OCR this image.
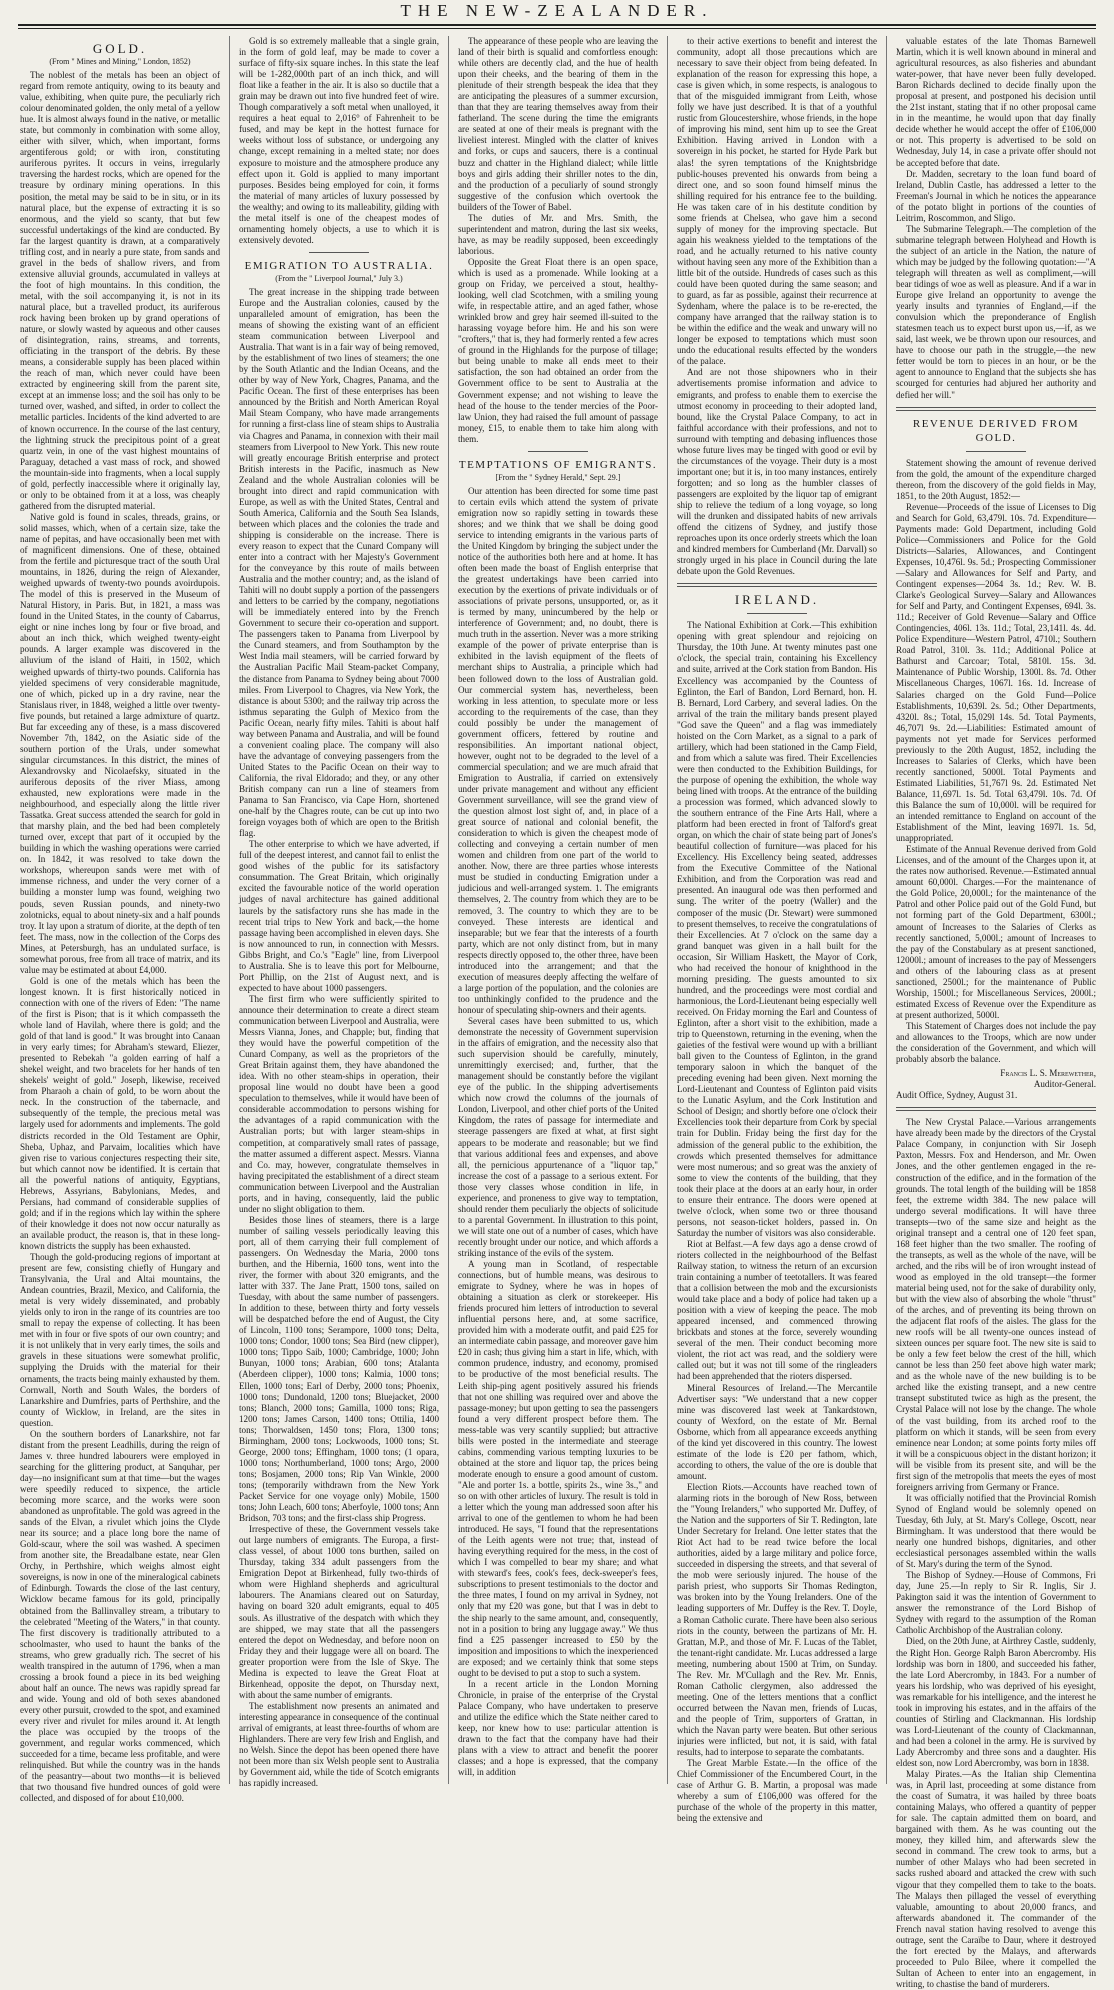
THE NEW-ZEALANDER.
GOLD.
(From " Mines and Mining," London, 1852)

The noblest of the metals has been an object of regard from remote antiquity, owing to its beauty and value, exhibiting, when quite pure, the peculiarly rich colour denominated golden, the only metal of a yellow hue. It is almost always found in the native, or metallic state, but commonly in combination with some alloy, either with silver, which, when important, forms argentiferous gold; or with iron, constituting auriferous pyrites. It occurs in veins, irregularly traversing the hardest rocks, which are opened for the treasure by ordinary mining operations. In this position, the metal may be said to be in situ, or in its natural place, but the expense of extracting it is so enormous, and the yield so scanty, that but few successful undertakings of the kind are conducted. By far the largest quantity is drawn, at a comparatively trifling cost, and in nearly a pure state, from sands and gravel in the beds of shallow rivers, and from extensive alluvial grounds, accumulated in valleys at the foot of high mountains. In this condition, the metal, with the soil accompanying it, is not in its natural place, but a travelled product, its auriferous rock having been broken up by grand operations of nature, or slowly wasted by aqueous and other causes of disintegration, rains, streams, and torrents, officiating in the transport of the debris. By these means, a considerable supply has been placed within the reach of man, which never could have been extracted by engineering skill from the parent site, except at an immense loss; and the soil has only to be turned over, washed, and sifted, in order to collect the metallic particles. Incidents of the kind adverted to are of known occurrence. In the course of the last century, the lightning struck the precipitous point of a great quartz vein, in one of the vast highest mountains of Paraguay, detached a vast mass of rock, and showed the mountain-side into fragments, when a local supply of gold, perfectly inaccessible where it originally lay, or only to be obtained from it at a loss, was cheaply gathered from the disrupted material.

Native gold is found in scales, threads, grains, or solid masses, which, when of a certain size, take the name of pepitas, and have occasionally been met with of magnificent dimensions. One of these, obtained from the fertile and picturesque tract of the south Ural mountains, in 1826, during the reign of Alexander, weighed upwards of twenty-two pounds avoirdupois. The model of this is preserved in the Museum of Natural History, in Paris. But, in 1821, a mass was found in the United States, in the county of Cabarrus, eight or nine inches long by four or five broad, and about an inch thick, which weighed twenty-eight pounds. A larger example was discovered in the alluvium of the island of Haiti, in 1502, which weighed upwards of thirty-two pounds. California has yielded specimens of very considerable magnitude, one of which, picked up in a dry ravine, near the Stanislaus river, in 1848, weighed a little over twenty-five pounds, but retained a large admixture of quartz. But far exceeding any of these, is a mass discovered November 7th, 1842, on the Asiatic side of the southern portion of the Urals, under somewhat singular circumstances. In this district, the mines of Alexandrovsky and Nicolaefsky, situated in the auriferous deposits of the river Miass, among exhausted, new explorations were made in the neighbourhood, and especially along the little river Tassatka. Great success attended the search for gold in that marshy plain, and the bed had been completely turned over, except that part of it occupied by the building in which the washing operations were carried on. In 1842, it was resolved to take down the workshops, whereupon sands were met with of immense richness, and under the very corner of a building a monster lump was found, weighing two pouds, seven Russian pounds, and ninety-two zolotnicks, equal to about ninety-six and a half pounds troy. It lay upon a stratum of diorite, at the depth of ten feet. The mass, now in the collection of the Corps des Mines, at Petersburgh, has an undulated surface, is somewhat porous, free from all trace of matrix, and its value may be estimated at about £4,000.

Gold is one of the metals which has been the longest known. It is first historically noticed in connection with one of the rivers of Eden: "The name of the first is Pison; that is it which compasseth the whole land of Havilah, where there is gold; and the gold of that land is good." It was brought into Canaan in very early times; for Abraham's steward, Eliezer, presented to Rebekah "a golden earring of half a shekel weight, and two bracelets for her hands of ten shekels' weight of gold." Joseph, likewise, received from Pharaoh a chain of gold, to be worn about the neck. In the construction of the tabernacle, and subsequently of the temple, the precious metal was largely used for adornments and implements. The gold districts recorded in the Old Testament are Ophir, Sheba, Uphaz, and Parvaim, localities which have given rise to various conjectures respecting their site, but which cannot now be identified. It is certain that all the powerful nations of antiquity, Egyptians, Hebrews, Assyrians, Babylonians, Medes, and Persians, had command of considerable supplies of gold; and if in the regions which lay within the sphere of their knowledge it does not now occur naturally as an available product, the reason is, that in these long-known districts the supply has been exhausted.

Though the gold-producing regions of important at present are few, consisting chiefly of Hungary and Transylvania, the Ural and Altai mountains, the Andean countries, Brazil, Mexico, and California, the metal is very widely disseminated, and probably yields only to iron in the range of its countries are too small to repay the expense of collecting. It has been met with in four or five spots of our own country; and it is not unlikely that in very early times, the soils and gravels in these situations were somewhat prolific, supplying the Druids with the material for their ornaments, the tracts being mainly exhausted by them. Cornwall, North and South Wales, the borders of Lanarkshire and Dumfries, parts of Perthshire, and the county of Wicklow, in Ireland, are the sites in question.

On the southern borders of Lanarkshire, not far distant from the present Leadhills, during the reign of James v. three hundred labourers were employed in searching for the glittering product, at Sanquhar, per day—no insignificant sum at that time—but the wages were speedily reduced to sixpence, the article becoming more scarce, and the works were soon abandoned as unprofitable. The gold was agreed in the sands of the Elvan, a rivulet which joins the Clyde near its source; and a place long bore the name of Gold-scaur, where the soil was washed. A specimen from another site, the Breadalbane estate, near Glen Orchy, in Perthshire, which weighs almost eight sovereigns, is now in one of the mineralogical cabinets of Edinburgh. Towards the close of the last century, Wicklow became famous for its gold, principally obtained from the Ballinvalley stream, a tributary to the celebrated "Meeting of the Waters," in that county. The first discovery is traditionally attributed to a schoolmaster, who used to haunt the banks of the streams, who grew gradually rich. The secret of his wealth transpired in the autumn of 1796, when a man crossing a brook found a piece in its bed weighing about half an ounce. The news was rapidly spread far and wide. Young and old of both sexes abandoned every other pursuit, crowded to the spot, and examined every river and rivulet for miles around it. At length the place was occupied by the troops of the government, and regular works commenced, which succeeded for a time, became less profitable, and were relinquished. But while the country was in the hands of the peasantry—about two months—it is believed that two thousand five hundred ounces of gold were collected, and disposed of for about £10,000.

Gold is so extremely malleable that a single grain, in the form of gold leaf, may be made to cover a surface of fifty-six square inches. In this state the leaf will be 1-282,000th part of an inch thick, and will float like a feather in the air. It is also so ductile that a grain may be drawn out into five hundred feet of wire. Though comparatively a soft metal when unalloyed, it requires a heat equal to 2,016° of Fahrenheit to be fused, and may be kept in the hottest furnace for weeks without loss of substance, or undergoing any change, except remaining in a melted state; nor does exposure to moisture and the atmosphere produce any effect upon it. Gold is applied to many important purposes. Besides being employed for coin, it forms the material of many articles of luxury possessed by the wealthy; and owing to its malleability, gilding with the metal itself is one of the cheapest modes of ornamenting homely objects, a use to which it is extensively devoted.

EMIGRATION TO AUSTRALIA.
(From the " Liverpool Journal," July 3.)

The great increase in the shipping trade between Europe and the Australian colonies, caused by the unparalleled amount of emigration, has been the means of showing the existing want of an efficient steam communication between Liverpool and Australia. That want is in a fair way of being removed, by the establishment of two lines of steamers; the one by the South Atlantic and the Indian Oceans, and the other by way of New York, Chagres, Panama, and the Pacific Ocean. The first of these enterprises has been announced by the British and North American Royal Mail Steam Company, who have made arrangements for running a first-class line of steam ships to Australia via Chagres and Panama, in connexion with their mail steamers from Liverpool to New York. This new route will greatly encourage British enterprise and protect British interests in the Pacific, inasmuch as New Zealand and the whole Australian colonies will be brought into direct and rapid communication with Europe, as well as with the United States, Central and South America, California and the South Sea Islands, between which places and the colonies the trade and shipping is considerable on the increase. There is every reason to expect that the Cunard Company will enter into a contract with her Majesty's Government for the conveyance by this route of mails between Australia and the mother country; and, as the island of Tahiti will no doubt supply a portion of the passengers and letters to be carried by the company, negotiations will be immediately entered into by the French Government to secure their co-operation and support. The passengers taken to Panama from Liverpool by the Cunard steamers, and from Southampton by the West India mail steamers, will be carried forward by the Australian Pacific Mail Steam-packet Company, the distance from Panama to Sydney being about 7000 miles. From Liverpool to Chagres, via New York, the distance is about 5300; and the railway trip across the isthmus separating the Gulph of Mexico from the Pacific Ocean, nearly fifty miles. Tahiti is about half way between Panama and Australia, and will be found a convenient coaling place. The company will also have the advantage of conveying passengers from the United States to the Pacific Ocean on their way to California, the rival Eldorado; and they, or any other British company can run a line of steamers from Panama to San Francisco, via Cape Horn, shortened one-half by the Chagres route, can be cut up into two foreign voyages both of which are open to the British flag.

The other enterprise to which we have adverted, if full of the deepest interest, and cannot fail to enlist the good wishes of the public for its satisfactory consummation. The Great Britain, which originally excited the favourable notice of the world operation judges of naval architecture has gained additional laurels by the satisfactory runs she has made in the recent trial trips to New York and back,—the home passage having been accomplished in eleven days. She is now announced to run, in connection with Messrs. Gibbs Bright, and Co.'s "Eagle" line, from Liverpool to Australia. She is to leave this port for Melbourne, Port Phillip, on the 21st of August next, and is expected to have about 1000 passengers.

The first firm who were sufficiently spirited to announce their determination to create a direct steam communication between Liverpool and Australia, were Messrs Vianna, Jones, and Chapple; but, finding that they would have the powerful competition of the Cunard Company, as well as the proprietors of the Great Britain against them, they have abandoned the idea. With no other steam-ships in operation, their proposal line would no doubt have been a good speculation to themselves, while it would have been of considerable accommodation to persons wishing for the advantages of a rapid communication with the Australian ports; but with larger steam-ships in competition, at comparatively small rates of passage, the matter assumed a different aspect. Messrs. Vianna and Co. may, however, congratulate themselves in having precipitated the establishment of a direct steam communication between Liverpool and the Australian ports, and in having, consequently, laid the public under no slight obligation to them.

Besides those lines of steamers, there is a large number of sailing vessels periodically leaving this port, all of them carrying their full complement of passengers. On Wednesday the Maria, 2000 tons burthen, and the Hibernia, 1600 tons, went into the river, the former with about 320 emigrants, and the latter with 337. The Jane Pratt, 1500 tons, sailed on Tuesday, with about the same number of passengers. In addition to these, between thirty and forty vessels will be despatched before the end of August, the City of Lincoln, 1100 tons; Serampore, 1000 tons; Delta, 1000 tons; Condor, 1000 tons; Sea Bird (new clipper), 1000 tons; Tippo Saib, 1000; Cambridge, 1000; John Bunyan, 1000 tons; Arabian, 600 tons; Atalanta (Aberdeen clipper), 1000 tons; Kalmia, 1000 tons; Ellen, 1000 tons; Earl of Derby, 2000 tons; Phoenix, 1000 tons; Dundonald, 1200 tons; Bluejacket, 2000 tons; Blanch, 2000 tons; Gamilla, 1000 tons; Riga, 1200 tons; James Carson, 1400 tons; Ottilia, 1400 tons; Thorwaldsen, 1450 tons; Flora, 1300 tons; Birmingham, 2000 tons; Lockwoods, 1000 tons; St. George, 2000 tons; Effingham, 1000 tons; (1 opara, 1000 tons; Northumberland, 1000 tons; Argo, 2000 tons; Bosjamen, 2000 tons; Rip Van Winkle, 2000 tons; (temporarily withdrawn from the New York Packet Service for one voyage only) Mobile, 1500 tons; John Leach, 600 tons; Aberfoyle, 1000 tons; Ann Bridson, 703 tons; and the first-class ship Progress.

Irrespective of these, the Government vessels take out large numbers of emigrants. The Europa, a first-class vessel, of about 1000 tons burthen, sailed on Thursday, taking 334 adult passengers from the Emigration Depot at Birkenhead, fully two-thirds of whom were Highland shepherds and agricultural labourers. The Anamians cleared out on Saturday, having on board 320 adult emigrants, equal to 405 souls. As illustrative of the despatch with which they are shipped, we may state that all the passengers entered the depot on Wednesday, and before noon on Friday they and their luggage were all on board. The greater proportion were from the Isle of Skye. The Medina is expected to leave the Great Float at Birkenhead, opposite the depot, on Thursday next, with about the same number of emigrants.

The establishment now presents an animated and interesting appearance in consequence of the continual arrival of emigrants, at least three-fourths of whom are Highlanders. There are very few Irish and English, and no Welsh. Since the depot has been opened there have not been more than six Welsh people sent to Australia by Government aid, while the tide of Scotch emigrants has rapidly increased.

The appearance of these people who are leaving the land of their birth is squalid and comfortless enough: while others are decently clad, and the hue of health upon their cheeks, and the bearing of them in the plenitude of their strength bespeak the idea that they are anticipating the pleasures of a summer excursion, than that they are tearing themselves away from their fatherland. The scene during the time the emigrants are seated at one of their meals is pregnant with the liveliest interest. Mingled with the clatter of knives and forks, or cups and saucers, there is a continual buzz and chatter in the Highland dialect; while little boys and girls adding their shriller notes to the din, and the production of a peculiarly of sound strongly suggestive of the confusion which overtook the builders of the Tower of Babel.

The duties of Mr. and Mrs. Smith, the superintendent and matron, during the last six weeks, have, as may be readily supposed, been exceedingly laborious.

Opposite the Great Float there is an open space, which is used as a promenade. While looking at a group on Friday, we perceived a stout, healthy-looking, well clad Scotchmen, with a smiling young wife, in respectable attire, and an aged father, whose wrinkled brow and grey hair seemed ill-suited to the harassing voyage before him. He and his son were "crofters," that is, they had formerly rented a few acres of ground in the Highlands for the purpose of tillage; but being unable to make all ends meet to their satisfaction, the son had obtained an order from the Government office to be sent to Australia at the Government expense; and not wishing to leave the head of the house to the tender mercies of the Poor-law Union, they had raised the full amount of passage money, £15, to enable them to take him along with them.

TEMPTATIONS OF EMIGRANTS.
[From the " Sydney Herald," Sept. 29.]

Our attention has been directed for some time past to certain evils which attend the system of private emigration now so rapidly setting in towards these shores; and we think that we shall be doing good service to intending emigrants in the various parts of the United Kingdom by bringing the subject under the notice of the authorities both here and at home. It has often been made the boast of English enterprise that the greatest undertakings have been carried into execution by the exertions of private individuals or of associations of private persons, unsupported, or, as it is termed by many, unincumbered by the help or interference of Government; and, no doubt, there is much truth in the assertion. Never was a more striking example of the power of private enterprise than is exhibited in the lavish equipment of the fleets of merchant ships to Australia, a principle which had been followed down to the loss of Australian gold. Our commercial system has, nevertheless, been working in less attention, to speculate more or less according to the requirements of the case, than they could possibly be under the management of government officers, fettered by routine and responsibilities. An important national object, however, ought not to be degraded to the level of a commercial speculation; and we are much afraid that Emigration to Australia, if carried on extensively under private management and without any efficient Government surveillance, will see the grand view of the question almost lost sight of, and, in place of a great source of national and colonial benefit, the consideration to which is given the cheapest mode of collecting and conveying a certain number of men women and children from one part of the world to another. Now, there are three parties whose interests must be studied in conducting Emigration under a judicious and well-arranged system. 1. The emigrants themselves, 2. The country from which they are to be removed, 3. The country to which they are to be conveyed. These interests are identical and inseparable; but we fear that the interests of a fourth party, which are not only distinct from, but in many respects directly opposed to, the other three, have been introduced into the arrangement; and that the execution of measures deeply affecting the welfare of a large portion of the population, and the colonies are too unthinkingly confided to the prudence and the honour of speculating ship-owners and their agents.

Several cases have been submitted to us, which demonstrate the necessity of Government supervision in the affairs of emigration, and the necessity also that such supervision should be carefully, minutely, unremittingly exercised; and, further, that the management should be constantly before the vigilant eye of the public. In the shipping advertisements which now crowd the columns of the journals of London, Liverpool, and other chief ports of the United Kingdom, the rates of passage for intermediate and steerage passengers are fixed at what, at first sight appears to be moderate and reasonable; but we find that various additional fees and expenses, and above all, the pernicious appurtenance of a "liquor tap," increase the cost of a passage to a serious extent. For those very classes whose condition in life, in experience, and proneness to give way to temptation, should render them peculiarly the objects of solicitude to a parental Government. In illustration to this point, we will state one out of a number of cases, which have recently brought under our notice, and which affords a striking instance of the evils of the system.

A young man in Scotland, of respectable connections, but of humble means, was desirous to emigrate to Sydney, where he was in hopes of obtaining a situation as clerk or storekeeper. His friends procured him letters of introduction to several influential persons here, and, at some sacrifice, provided him with a moderate outfit, and paid £25 for an intermediate cabin passage, and moreover gave him £20 in cash; thus giving him a start in life, which, with common prudence, industry, and economy, promised to be productive of the most beneficial results. The Leith ship-ping agent positively assured his friends that not one shilling was required over and above the passage-money; but upon getting to sea the passengers found a very different prospect before them. The mess-table was very scantily supplied; but attractive bills were posted in the intermediate and steerage cabins, commending various tempting luxuries to be obtained at the store and liquor tap, the prices being moderate enough to ensure a good amount of custom. "Ale and porter 1s. a bottle, spirits 2s., wine 3s.," and so on with other articles of luxury. The result is told in a letter which the young man addressed soon after his arrival to one of the gentlemen to whom he had been introduced. He says, "I found that the representations of the Leith agents were not true; that, instead of having everything required for the mess, in the cost of which I was compelled to bear my share; and what with steward's fees, cook's fees, deck-sweeper's fees, subscriptions to present testimonials to the doctor and the three mates, I found on my arrival in Sydney, not only that my £20 was gone, but that I was in debt to the ship nearly to the same amount, and, consequently, not in a position to bring any luggage away." We thus find a £25 passenger increased to £50 by the imposition and impositions to which the inexperienced are exposed; and we certainly think that some steps ought to be devised to put a stop to such a system.

In a recent article in the London Morning Chronicle, in praise of the enterprise of the Crystal Palace Company, who have undertaken to preserve and utilize the edifice which the State neither cared to keep, nor knew how to use: particular attention is drawn to the fact that the company have had their plans with a view to attract and benefit the poorer classes; and a hope is expressed, that the company will, in addition

to their active exertions to benefit and interest the community, adopt all those precautions which are necessary to save their object from being defeated. In explanation of the reason for expressing this hope, a case is given which, in some respects, is analogous to that of the misguided immigrant from Leith, whose folly we have just described. It is that of a youthful rustic from Gloucestershire, whose friends, in the hope of improving his mind, sent him up to see the Great Exhibition. Having arrived in London with a sovereign in his pocket, he started for Hyde Park but alas! the syren temptations of the Knightsbridge public-houses prevented his onwards from being a direct one, and so soon found himself minus the shilling required for his entrance fee to the building. He was taken care of in his destitute condition by some friends at Chelsea, who gave him a second supply of money for the improving spectacle. But again his weakness yielded to the temptations of the road, and he actually returned to his native county without having seen any more of the Exhibition than a little bit of the outside. Hundreds of cases such as this could have been quoted during the same season; and to guard, as far as possible, against their recurrence at Sydenham, where the palace is to be re-erected, the company have arranged that the railway station is to be within the edifice and the weak and unwary will no longer be exposed to temptations which must soon undo the educational results effected by the wonders of the palace.

And are not those shipowners who in their advertisements promise information and advice to emigrants, and profess to enable them to exercise the utmost economy in proceeding to their adopted land, bound, like the Crystal Palace Company, to act in faithful accordance with their professions, and not to surround with tempting and debasing influences those whose future lives may be tinged with good or evil by the circumstances of the voyage. Their duty is a most important one; but it is, in too many instances, entirely forgotten; and so long as the humbler classes of passengers are exploited by the liquor tap of emigrant ship to relieve the tedium of a long voyage, so long will the drunken and dissipated habits of new arrivals offend the citizens of Sydney, and justify those reproaches upon its once orderly streets which the loan and kindred members for Cumberland (Mr. Darvall) so strongly urged in his place in Council during the late debate upon the Gold Revenues.

IRELAND.

The National Exhibition at Cork.—This exhibition opening with great splendour and rejoicing on Thursday, the 10th June. At twenty minutes past one o'clock, the special train, containing his Excellency and suite, arrived at the Cork station from Bandon. His Excellency was accompanied by the Countess of Eglinton, the Earl of Bandon, Lord Bernard, hon. H. B. Bernard, Lord Carbery, and several ladies. On the arrival of the train the military bands present played "God save the Queen" and a flag was immediately hoisted on the Corn Market, as a signal to a park of artillery, which had been stationed in the Camp Field, and from which a salute was fired. Their Excellencies were then conducted to the Exhibition Buildings, for the purpose of opening the exhibition, the whole way being lined with troops. At the entrance of the building a procession was formed, which advanced slowly to the southern entrance of the Fine Arts Hall, where a platform had been erected in front of Talford's great organ, on which the chair of state being part of Jones's beautiful collection of furniture—was placed for his Excellency. His Excellency being seated, addresses from the Executive Committee of the National Exhibition, and from the Corporation was read and presented. An inaugural ode was then performed and sung. The writer of the poetry (Waller) and the composer of the music (Dr. Stewart) were summoned to present themselves, to receive the congratulations of their Excellencies. At 7 o'clock on the same day a grand banquet was given in a hall built for the occasion, Sir William Haskett, the Mayor of Cork, who had received the honour of knighthood in the morning presiding. The guests amounted to six hundred, and the proceedings were most cordial and harmonious, the Lord-Lieutenant being especially well received. On Friday morning the Earl and Countess of Eglinton, after a short visit to the exhibition, made a trip to Queenstown, returning in the evening, when the gaieties of the festival were wound up with a brilliant ball given to the Countess of Eglinton, in the grand temporary saloon in which the banquet of the preceding evening had been given. Next morning the Lord-Lieutenant and Countess of Eglinton paid visits to the Lunatic Asylum, and the Cork Institution and School of Design; and shortly before one o'clock their Excellencies took their departure from Cork by special train for Dublin. Friday being the first day for the admission of the general public to the exhibition, the crowds which presented themselves for admittance were most numerous; and so great was the anxiety of some to view the contents of the building, that they took their place at the doors at an early hour, in order to ensure their entrance. The doors were opened at twelve o'clock, when some two or three thousand persons, not season-ticket holders, passed in. On Saturday the number of visitors was also considerable.

Riot at Belfast.—A few days ago a dense crowd of rioters collected in the neighbourhood of the Belfast Railway station, to witness the return of an excursion train containing a number of teetotallers. It was feared that a collision between the mob and the excursionists would take place and a body of police had taken up a position with a view of keeping the peace. The mob appeared incensed, and commenced throwing brickbats and stones at the force, severely wounding several of the men. Their conduct becoming more violent, the riot act was read, and the soldiery were called out; but it was not till some of the ringleaders had been apprehended that the rioters dispersed.

Mineral Resources of Ireland.—The Mercantile Advertiser says: "We understand that a new copper mine was discovered last week at Tankardstown, county of Wexford, on the estate of Mr. Bernal Osborne, which from all appearance exceeds anything of the kind yet discovered in this country. The lowest estimate of the lode is £20 per fathom, which, according to others, the value of the ore is double that amount.

Election Riots.—Accounts have reached town of alarming riots in the borough of New Ross, between the "Young Irelanders," who supported Mr. Duffey, of the Nation and the supporters of Sir T. Redington, late Under Secretary for Ireland. One letter states that the Riot Act had to be read twice before the local authorities, aided by a large military and police force, succeeded in dispersing the streets, and that several of the mob were seriously injured. The house of the parish priest, who supports Sir Thomas Redington, was broken into by the Young Irelanders. One of the leading supporters of Mr. Duffey is the Rev. T. Doyle, a Roman Catholic curate. There have been also serious riots in the county, between the partizans of Mr. H. Grattan, M.P., and those of Mr. F. Lucas of the Tablet, the tenant-right candidate. Mr. Lucas addressed a large meeting, numbering about 1500 at Trim, on Sunday. The Rev. Mr. M'Cullagh and the Rev. Mr. Ennis, Roman Catholic clergymen, also addressed the meeting. One of the letters mentions that a conflict occurred between the Navan men, friends of Lucas, and the people of Trim, supporters of Grattan, in which the Navan party were beaten. But other serious injuries were inflicted, but not, it is said, with fatal results, had to interpose to separate the combatants.

The Great Marble Estate.—In the office of the Chief Commissioner of the Encumbered Court, in the case of Arthur G. B. Martin, a proposal was made whereby a sum of £106,000 was offered for the purchase of the whole of the property in this matter, being the extensive and

valuable estates of the late Thomas Barnewell Martin, which it is well known abound in mineral and agricultural resources, as also fisheries and abundant water-power, that have never been fully developed. Baron Richards declined to decide finally upon the proposal at present, and postponed his decision until the 21st instant, stating that if no other proposal came in in the meantime, he would upon that day finally decide whether he would accept the offer of £106,000 or not. This property is advertised to be sold on Wednesday, July 14, in case a private offer should not be accepted before that date.

Dr. Madden, secretary to the loan fund board of Ireland, Dublin Castle, has addressed a letter to the Freeman's Journal in which he notices the appearance of the potato blight in portions of the counties of Leitrim, Roscommon, and Sligo.

The Submarine Telegraph.—The completion of the submarine telegraph between Holyhead and Howth is the subject of an article in the Nation, the nature of which may be judged by the following quotation:—"A telegraph will threaten as well as compliment,—will bear tidings of woe as well as pleasure. And if a war in Europe give Ireland an opportunity to avenge the yearly insults and tyrannies of England,—if the convulsion which the preponderance of English statesmen teach us to expect burst upon us,—if, as we said, last week, we be thrown upon our resources, and have to choose our path in the struggle,—the new fetter would be torn to pieces in an hour, or be the agent to announce to England that the subjects she has scourged for centuries had abjured her authority and defied her will."

REVENUE DERIVED FROM GOLD.

Statement showing the amount of revenue derived from the gold, the amount of the expenditure charged thereon, from the discovery of the gold fields in May, 1851, to the 20th August, 1852:—

Revenue—Proceeds of the issue of Licenses to Dig and Search for Gold, 63,479l. 10s. 7d. Expenditure—Payments made: Gold Department, including Gold Police—Commissioners and Police for the Gold Districts—Salaries, Allowances, and Contingent Expenses, 10,476l. 9s. 5d.; Prospecting Commissioner—Salary and Allowances for Self and Party, and Contingent expenses—2064 3s. 1d.; Rev. W. B. Clarke's Geological Survey—Salary and Allowances for Self and Party, and Contingent Expenses, 694l. 3s. 11d.; Receiver of Gold Revenue—Salary and Office Contingencies, 406l. 13s. 11d.; Total, 23,141l. 4s. 4d. Police Expenditure—Western Patrol, 4710l.; Southern Road Patrol, 310l. 3s. 11d.; Additional Police at Bathurst and Carcoar; Total, 5810l. 15s. 3d. Maintenance of Public Worship, 1300l. 8s. 7d. Other Miscellaneous Charges, 1067l. 16s. 1d. Increase of Salaries charged on the Gold Fund—Police Establishments, 10,639l. 2s. 5d.; Other Departments, 4320l. 8s.; Total, 15,029l 14s. 5d. Total Payments, 46,707l 9s. 2d.—Liabilities: Estimated amount of payments not yet made for Services performed previously to the 20th August, 1852, including the Increases to Salaries of Clerks, which have been recently sanctioned, 5000l. Total Payments and Estimated Liabilities, 51,767l 9s. 2d. Estimated Net Balance, 11,697l. 1s. 5d. Total 63,479l. 10s. 7d. Of this Balance the sum of 10,000l. will be required for an intended remittance to England on account of the Establishment of the Mint, leaving 1697l. 1s. 5d, unappropriated.

Estimate of the Annual Revenue derived from Gold Licenses, and of the amount of the Charges upon it, at the rates now authorised. Revenue.—Estimated annual amount 60,000l. Charges.—For the maintenance of the Gold Police, 20,000l.; for the maintenance of the Patrol and other Police paid out of the Gold Fund, but not forming part of the Gold Department, 6300l.; amount of Increases to the Salaries of Clerks as recently sanctioned, 5,000l.; amount of Increases to the pay of the Constabulary as at present sanctioned, 12000l.; amount of increases to the pay of Messengers and others of the labouring class as at present sanctioned, 2500l.; for the maintenance of Public Worship, 1500l.; for Miscellaneous Services, 2000l.; estimated Excess of Revenue over the Expenditure as at present authorized, 5000l.

This Statement of Charges does not include the pay and allowances to the Troops, which are now under the consideration of the Government, and which will probably absorb the balance.

Francis L. S. Merewether,
Auditor-General.

Audit Office, Sydney, August 31.

The New Crystal Palace.—Various arrangements have already been made by the directors of the Crystal Palace Company, in conjunction with Sir Joseph Paxton, Messrs. Fox and Henderson, and Mr. Owen Jones, and the other gentlemen engaged in the re-construction of the edifice, and in the formation of the grounds. The total length of the building will be 1858 feet, the extreme width 384. The new palace will undergo several modifications. It will have three transepts—two of the same size and height as the original transept and a central one of 120 feet span, 168 feet higher than the two smaller. The roofing of the transepts, as well as the whole of the nave, will be arched, and the ribs will be of iron wrought instead of wood as employed in the old transept—the former material being used, not for the sake of durability only, but with the view also of absorbing the whole "thrust" of the arches, and of preventing its being thrown on the adjacent flat roofs of the aisles. The glass for the new roofs will be all twenty-one ounces instead of sixteen ounces per square foot. The new site is said to be only a few feet below the crest of the hill, which cannot be less than 250 feet above high water mark; and as the whole nave of the new building is to be arched like the existing transept, and a new centre transept substituted twice as high as the present, the Crystal Palace will not lose by the change. The whole of the vast building, from its arched roof to the platform on which it stands, will be seen from every eminence near London; at some points forty miles off it will be a conspicuous object in the distant horizon; it will be visible from its present site, and will be the first sign of the metropolis that meets the eyes of most foreigners arriving from Germany or France.

It was officially notified that the Provincial Romish Synod of England would be solemnly opened on Tuesday, 6th July, at St. Mary's College, Oscott, near Birmingham. It was understood that there would be nearly one hundred bishops, dignitaries, and other ecclesiastical personages assembled within the walls of St. Mary's during the term of the Synod.

The Bishop of Sydney.—House of Commons, Fri day, June 25.—In reply to Sir R. Inglis, Sir J. Pakington said it was the intention of Government to answer the remonstrance of the Lord Bishop of Sydney with regard to the assumption of the Roman Catholic Archbishop of the Australian colony.

Died, on the 20th June, at Airthrey Castle, suddenly, the Right Hon. George Ralph Baron Abercromby. His lordship was born in 1800, and succeeded his father, the late Lord Abercromby, in 1843. For a number of years his lordship, who was deprived of his eyesight, was remarkable for his intelligence, and the interest he took in improving his estates, and in the affairs of the counties of Stirling and Clackmannan. His lordship was Lord-Lieutenant of the county of Clackmannan, and had been a colonel in the army. He is survived by Lady Abercromby and three sons and a daughter. His eldest son, now Lord Abercromby, was born in 1838.

Malay Pirates.—As the Italian ship Clementina was, in April last, proceeding at some distance from the coast of Sumatra, it was hailed by three boats containing Malays, who offered a quantity of pepper for sale. The captain admitted them on board, and bargained with them. As he was counting out the money, they killed him, and afterwards slew the second in command. The crew took to arms, but a number of other Malays who had been secreted in sacks rushed aboard and attacked the crew with such vigour that they compelled them to take to the boats. The Malays then pillaged the vessel of everything valuable, amounting to about 20,000 francs, and afterwards abandoned it. The commander of the French naval station having resolved to avenge this outrage, sent the Caraïbe to Daur, where it destroyed the fort erected by the Malays, and afterwards proceeded to Pulo Bilee, where it compelled the Sultan of Acheen to enter into an engagement, in writing, to chastise the band of murderers.
